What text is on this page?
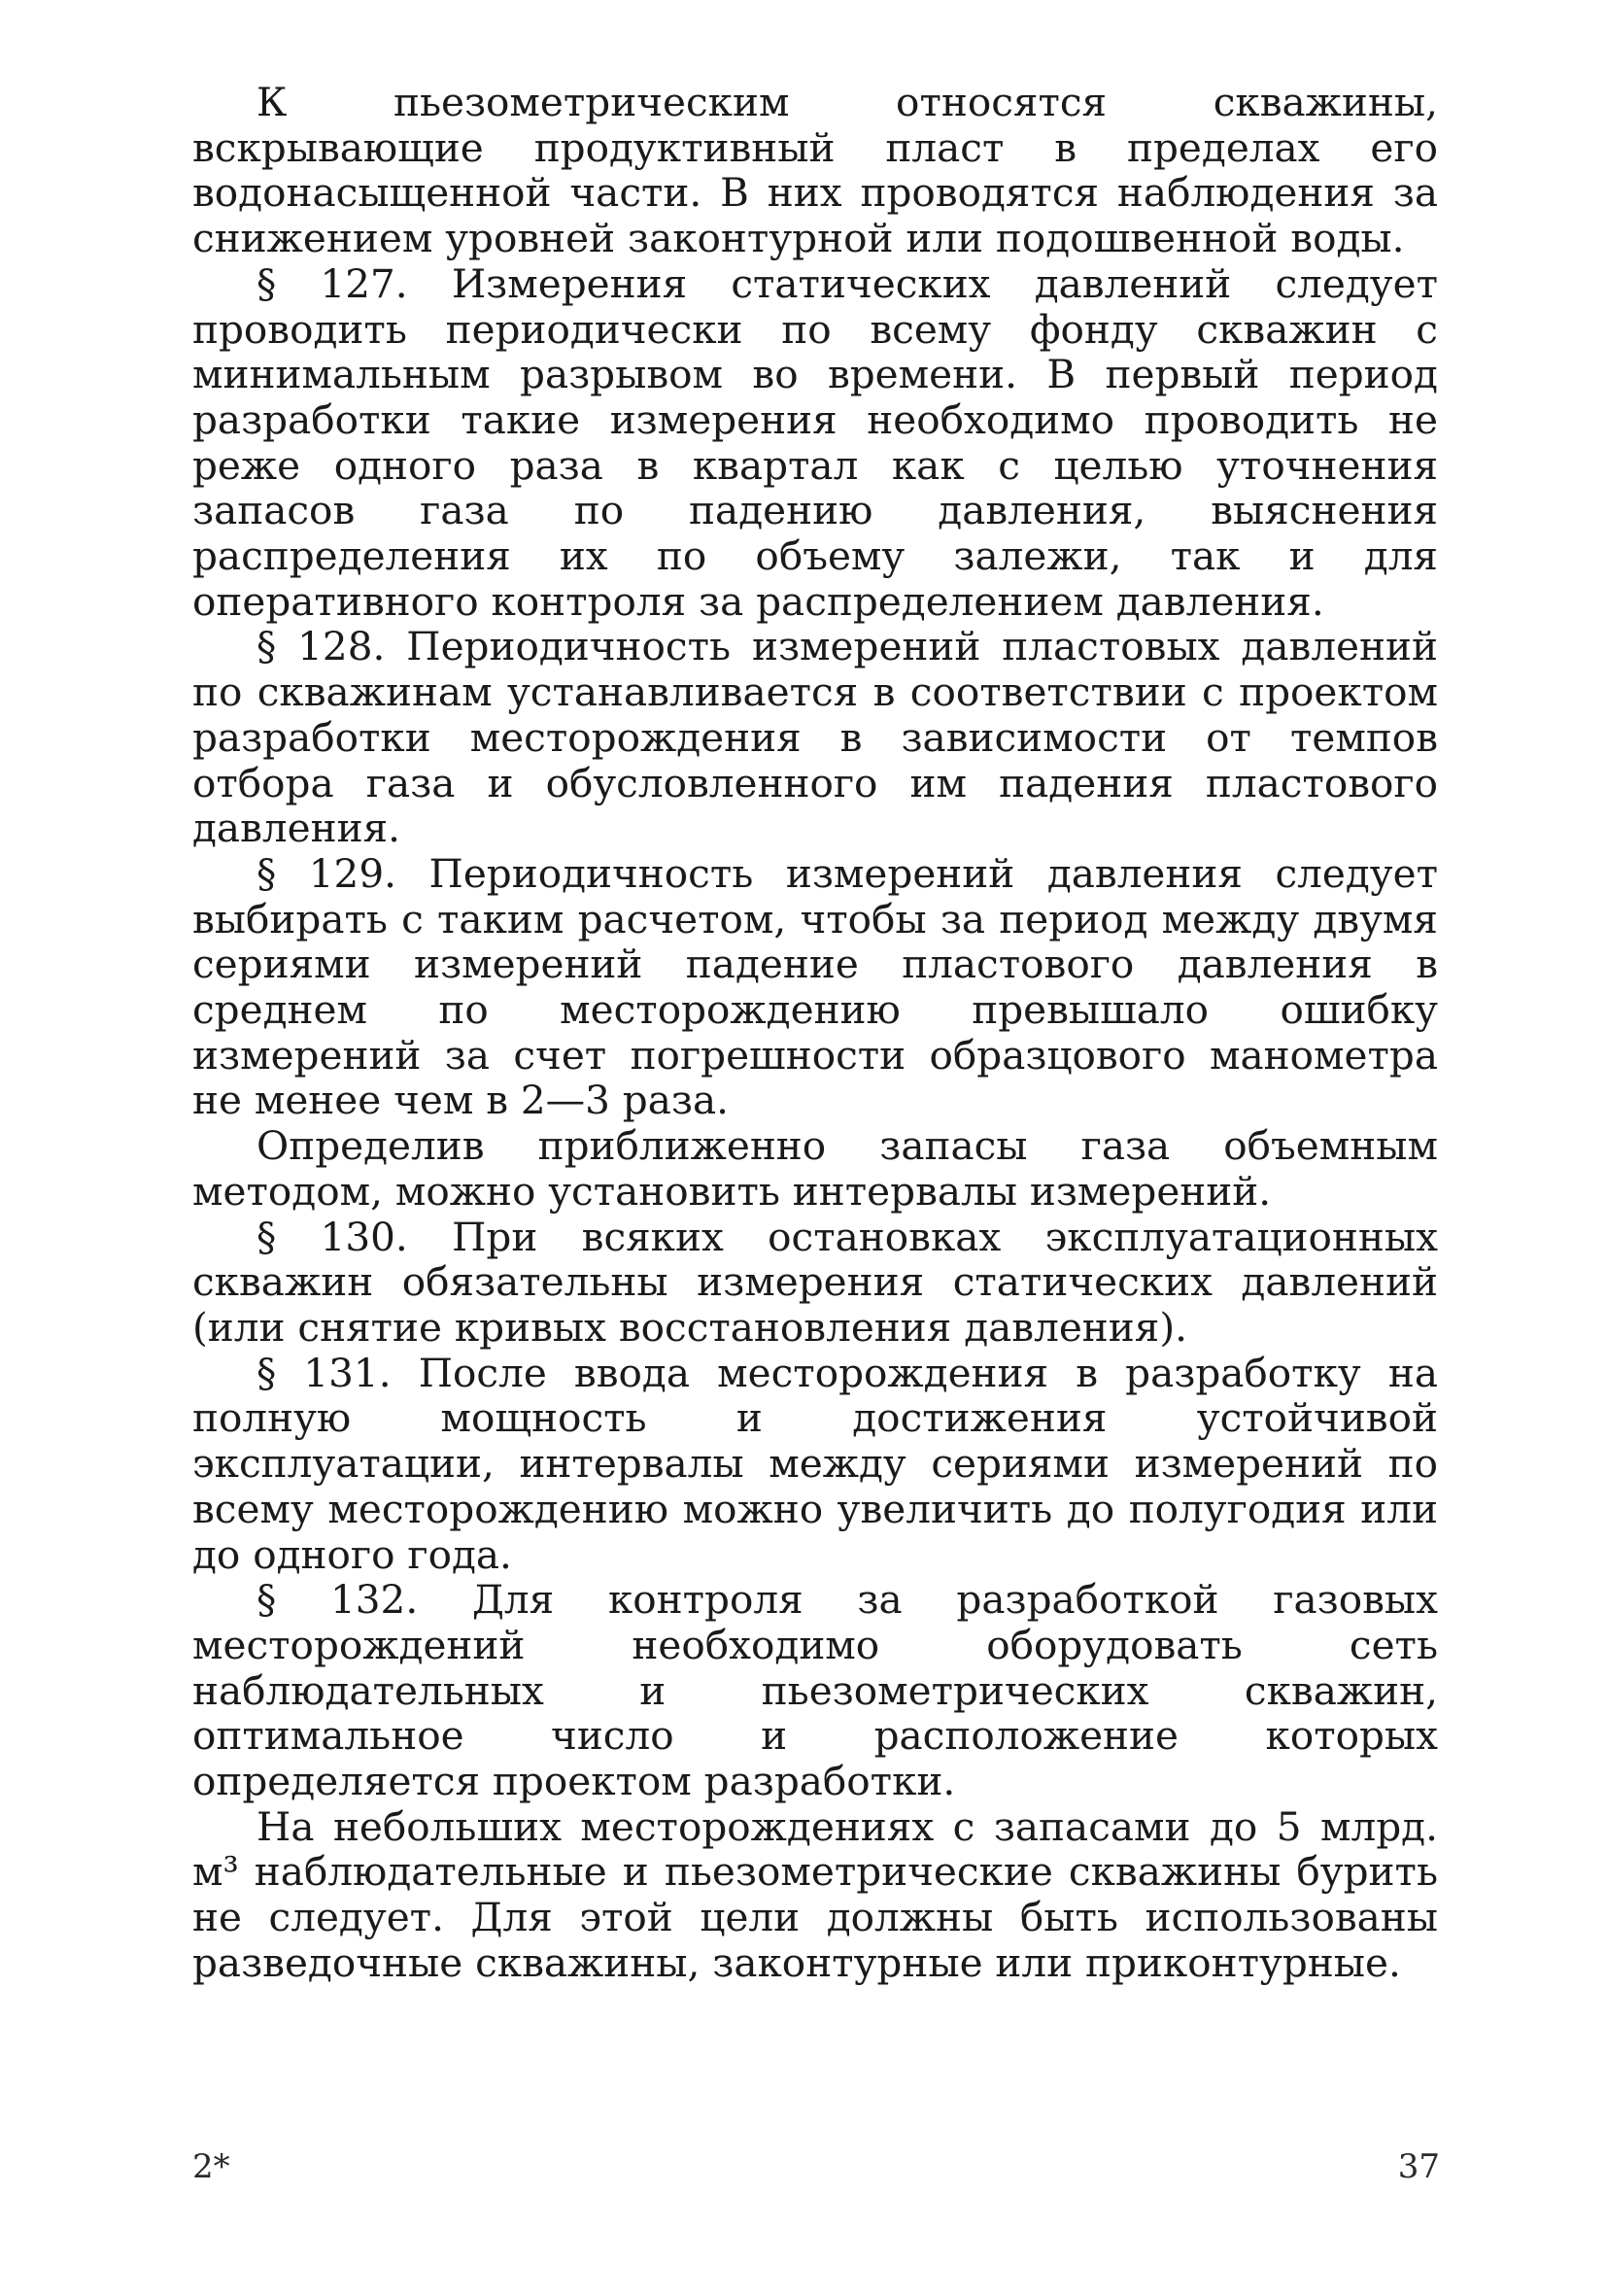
К пьезометрическим относятся скважины, вскрывающие продуктивный пласт в пределах его водонасыщенной части. В них проводятся наблюдения за снижением уровней законтурной или подошвенной воды.

§ 127. Измерения статических давлений следует проводить периодически по всему фонду скважин с минимальным разрывом во времени. В первый период разработки такие измерения необходимо проводить не реже одного раза в квартал как с целью уточнения запасов газа по падению давления, выяснения распределения их по объему залежи, так и для оперативного контроля за распределением давления.

§ 128. Периодичность измерений пластовых давлений по скважинам устанавливается в соответствии с проектом разработки месторождения в зависимости от темпов отбора газа и обусловленного им падения пластового давления.

§ 129. Периодичность измерений давления следует выбирать с таким расчетом, чтобы за период между двумя сериями измерений падение пластового давления в среднем по месторождению превышало ошибку измерений за счет погрешности образцового манометра не менее чем в 2—3 раза.

Определив приближенно запасы газа объемным методом, можно установить интервалы измерений.

§ 130. При всяких остановках эксплуатационных скважин обязательны измерения статических давлений (или снятие кривых восстановления давления).

§ 131. После ввода месторождения в разработку на полную мощность и достижения устойчивой эксплуатации, интервалы между сериями измерений по всему месторождению можно увеличить до полугодия или до одного года.

§ 132. Для контроля за разработкой газовых месторождений необходимо оборудовать сеть наблюдательных и пьезометрических скважин, оптимальное число и расположение которых определяется проектом разработки.

На небольших месторождениях с запасами до 5 млрд. м³ наблюдательные и пьезометрические скважины бурить не следует. Для этой цели должны быть использованы разведочные скважины, законтурные или приконтурные.

2*	37
